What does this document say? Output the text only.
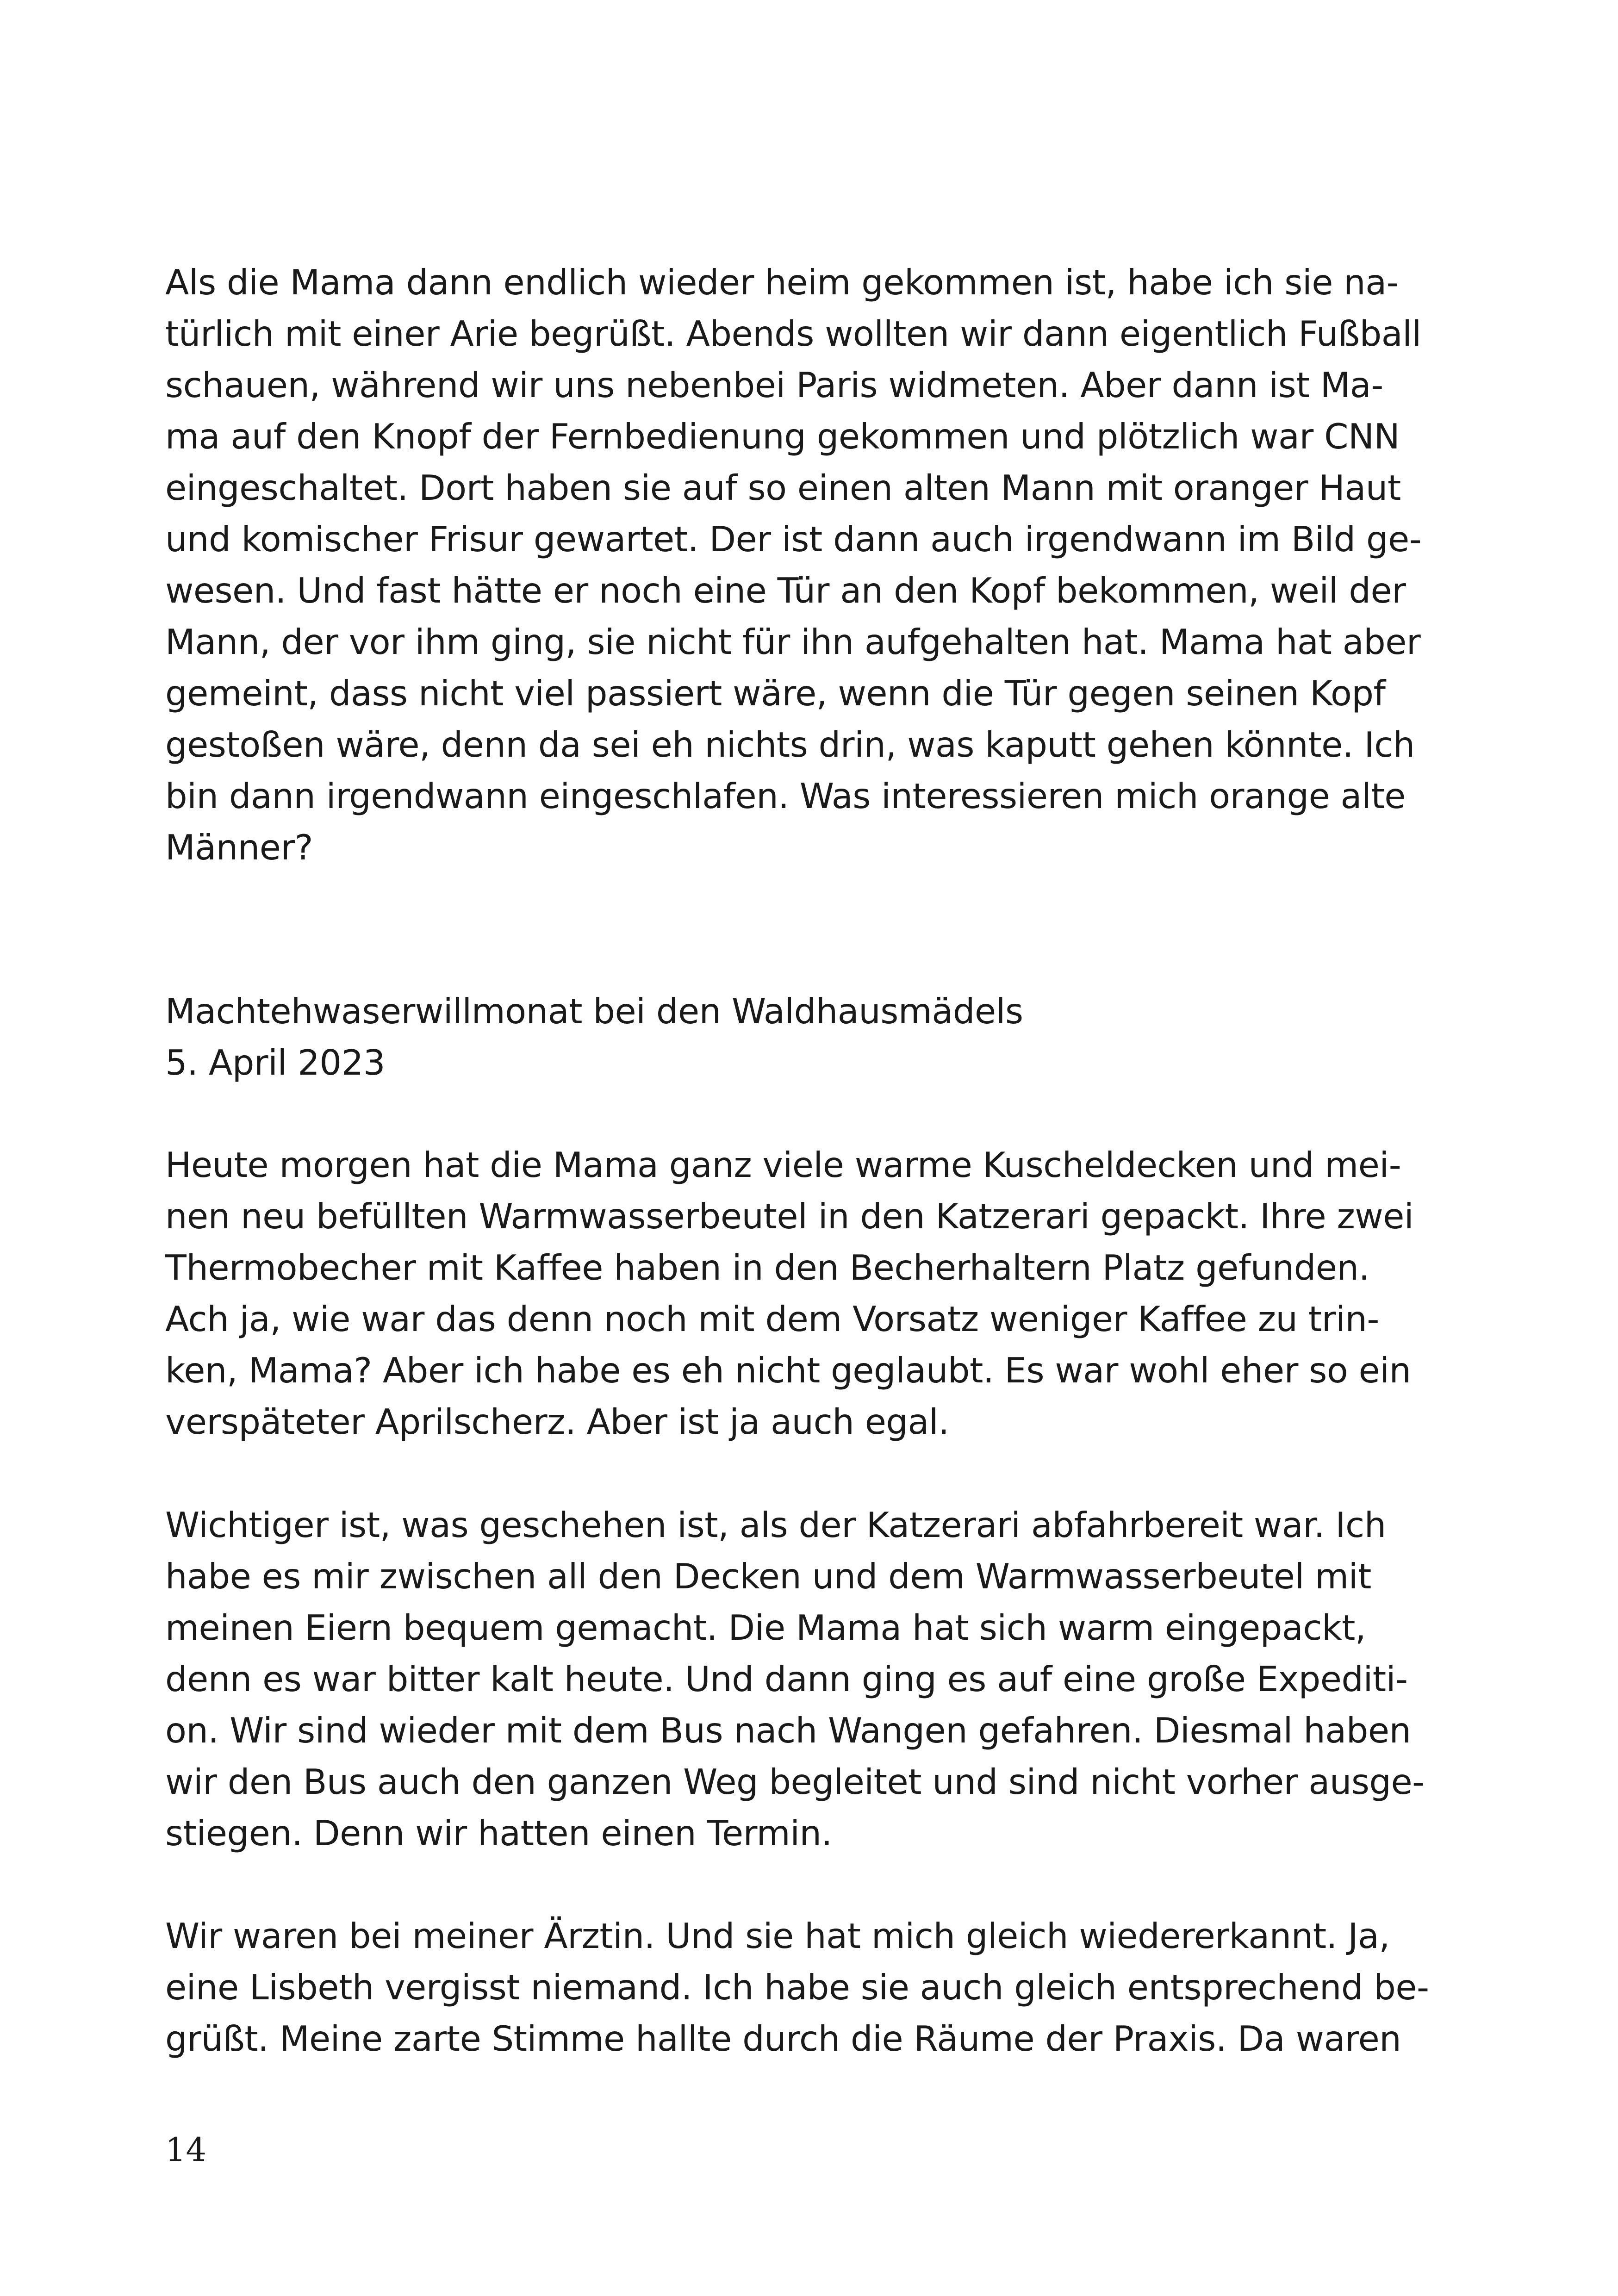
Als die Mama dann endlich wieder heim gekommen ist, habe ich sie na-
türlich mit einer Arie begrüßt. Abends wollten wir dann eigentlich Fußball
schauen, während wir uns nebenbei Paris widmeten. Aber dann ist Ma-
ma auf den Knopf der Fernbedienung gekommen und plötzlich war CNN
eingeschaltet. Dort haben sie auf so einen alten Mann mit oranger Haut
und komischer Frisur gewartet. Der ist dann auch irgendwann im Bild ge-
wesen. Und fast hätte er noch eine Tür an den Kopf bekommen, weil der
Mann, der vor ihm ging, sie nicht für ihn aufgehalten hat. Mama hat aber
gemeint, dass nicht viel passiert wäre, wenn die Tür gegen seinen Kopf
gestoßen wäre, denn da sei eh nichts drin, was kaputt gehen könnte. Ich
bin dann irgendwann eingeschlafen. Was interessieren mich orange alte
Männer?

Machtehwaserwillmonat bei den Waldhausmädels
5. April 2023

Heute morgen hat die Mama ganz viele warme Kuscheldecken und mei-
nen neu befüllten Warmwasserbeutel in den Katzerari gepackt. Ihre zwei
Thermobecher mit Kaffee haben in den Becherhaltern Platz gefunden.
Ach ja, wie war das denn noch mit dem Vorsatz weniger Kaffee zu trin-
ken, Mama? Aber ich habe es eh nicht geglaubt. Es war wohl eher so ein
verspäteter Aprilscherz. Aber ist ja auch egal.

Wichtiger ist, was geschehen ist, als der Katzerari abfahrbereit war. Ich
habe es mir zwischen all den Decken und dem Warmwasserbeutel mit
meinen Eiern bequem gemacht. Die Mama hat sich warm eingepackt,
denn es war bitter kalt heute. Und dann ging es auf eine große Expediti-
on. Wir sind wieder mit dem Bus nach Wangen gefahren. Diesmal haben
wir den Bus auch den ganzen Weg begleitet und sind nicht vorher ausge-
stiegen. Denn wir hatten einen Termin.

Wir waren bei meiner Ärztin. Und sie hat mich gleich wiedererkannt. Ja,
eine Lisbeth vergisst niemand. Ich habe sie auch gleich entsprechend be-
grüßt. Meine zarte Stimme hallte durch die Räume der Praxis. Da waren

14
